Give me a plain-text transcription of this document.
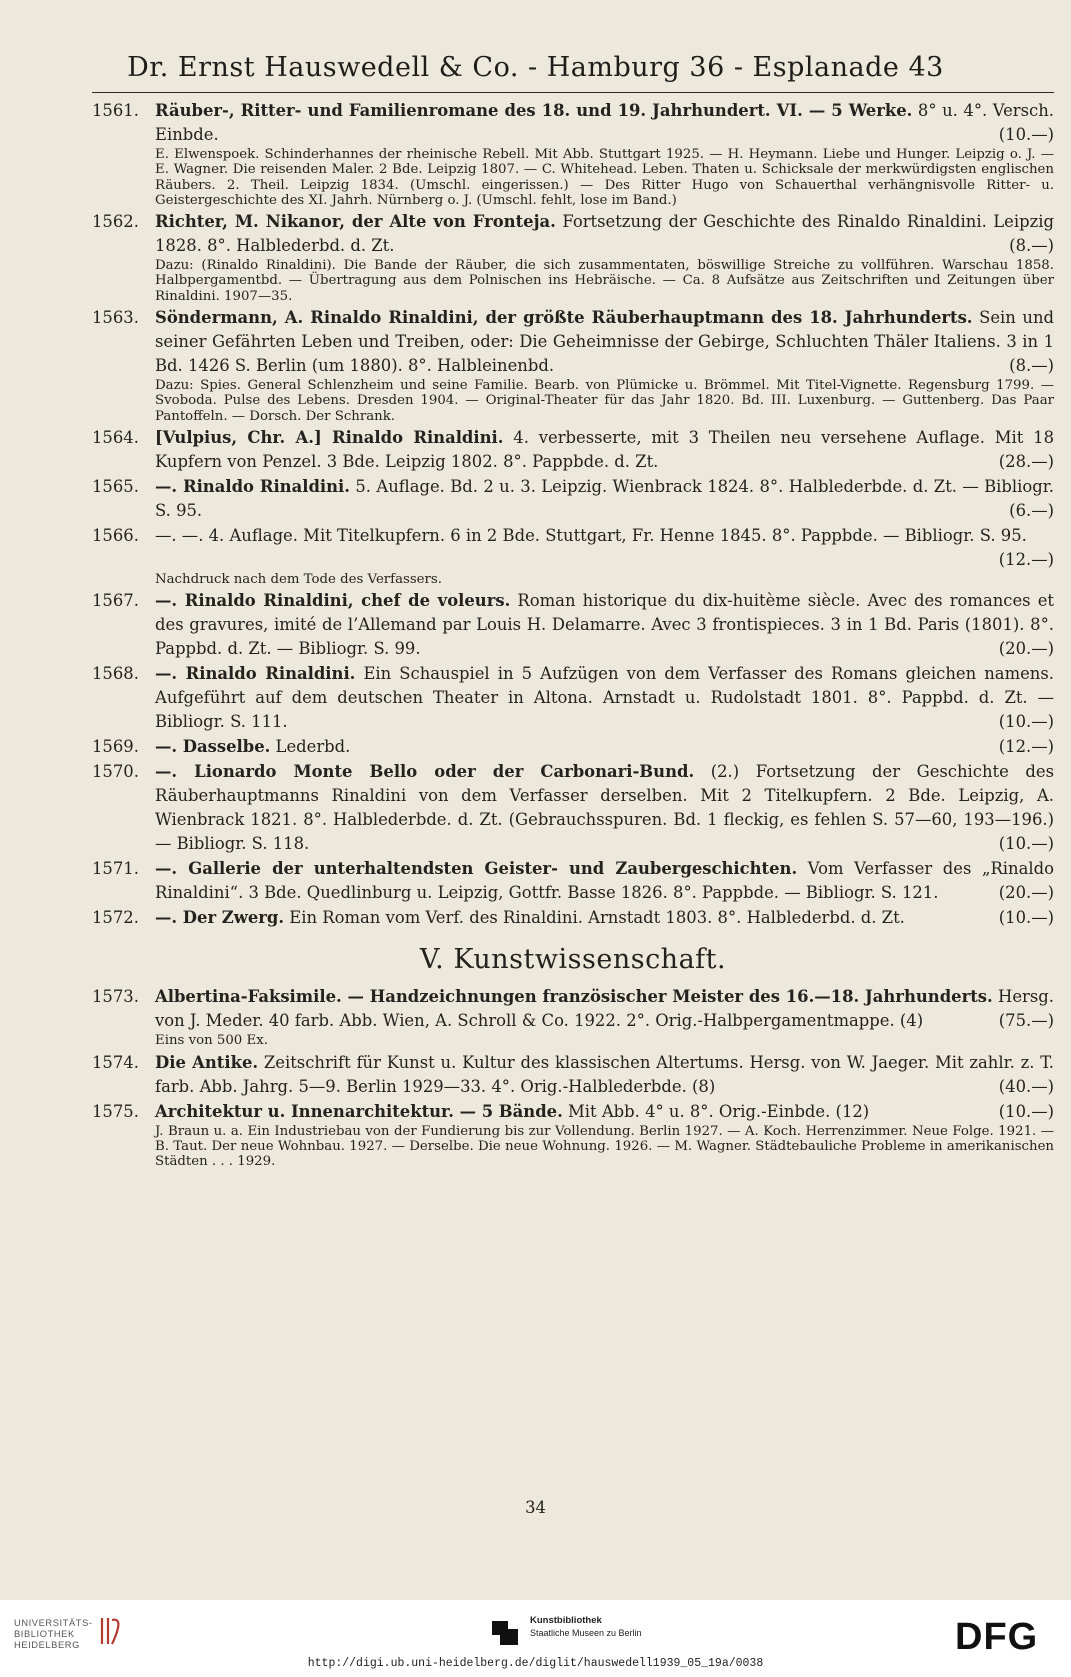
Dr. Ernst Hauswedell & Co. - Hamburg 36 - Esplanade 43
1561. Räuber-, Ritter- und Familienromane des 18. und 19. Jahrhundert. VI. — 5 Werke. 8° u. 4°. Versch. Einbde.	(10.—)
E. Elwenspoek. Schinderhannes der rheinische Rebell. Mit Abb. Stuttgart 1925. — H. Heymann. Liebe und Hunger. Leipzig o. J. — E. Wagner. Die reisenden Maler. 2 Bde. Leipzig 1807. — C. Whitehead. Leben. Thaten u. Schicksale der merkwürdigsten englischen Räubers. 2. Theil. Leipzig 1834. (Umschl. eingerissen.) — Des Ritter Hugo von Schauerthal verhängnisvolle Ritter- u. Geistergeschichte des XI. Jahrh. Nürnberg o. J. (Umschl. fehlt, lose im Band.)
1562. Richter, M. Nikanor, der Alte von Fronteja. Fortsetzung der Geschichte des Rinaldo Rinaldini. Leipzig 1828. 8°. Halblederbd. d. Zt.	(8.—)
Dazu: (Rinaldo Rinaldini). Die Bande der Räuber, die sich zusammentaten, böswillige Streiche zu vollführen. Warschau 1858. Halbpergamentbd. — Übertragung aus dem Polnischen ins Hebräische. — Ca. 8 Aufsätze aus Zeitschriften und Zeitungen über Rinaldini. 1907—35.
1563. Söndermann, A. Rinaldo Rinaldini, der größte Räuberhauptmann des 18. Jahrhunderts. Sein und seiner Gefährten Leben und Treiben, oder: Die Geheimnisse der Gebirge, Schluchten Thäler Italiens. 3 in 1 Bd. 1426 S. Berlin (um 1880). 8°. Halbleinenbd.	(8.—)
Dazu: Spies. General Schlenzheim und seine Familie. Bearb. von Plümicke u. Brömmel. Mit Titel-Vignette. Regensburg 1799. — Svoboda. Pulse des Lebens. Dresden 1904. — Original-Theater für das Jahr 1820. Bd. III. Luxenburg. — Guttenberg. Das Paar Pantoffeln. — Dorsch. Der Schrank.
1564. [Vulpius, Chr. A.] Rinaldo Rinaldini. 4. verbesserte, mit 3 Theilen neu versehene Auflage. Mit 18 Kupfern von Penzel. 3 Bde. Leipzig 1802. 8°. Pappbde. d. Zt.	(28.—)
1565. —. Rinaldo Rinaldini. 5. Auflage. Bd. 2 u. 3. Leipzig. Wienbrack 1824. 8°. Halblederbde. d. Zt. — Bibliogr. S. 95.	(6.—)
1566. —. —. 4. Auflage. Mit Titelkupfern. 6 in 2 Bde. Stuttgart, Fr. Henne 1845. 8°. Pappbde. — Bibliogr. S. 95.
(12.—)
Nachdruck nach dem Tode des Verfassers.
1567. —. Rinaldo Rinaldini, chef de voleurs. Roman historique du dix-huitème siècle. Avec des romances et des gravures, imité de l’Allemand par Louis H. Delamarre. Avec 3 frontispieces. 3 in 1 Bd. Paris (1801). 8°. Pappbd. d. Zt. — Bibliogr. S. 99.	(20.—)
1568. —. Rinaldo Rinaldini. Ein Schauspiel in 5 Aufzügen von dem Verfasser des Romans gleichen namens. Aufgeführt auf dem deutschen Theater in Altona. Arnstadt u. Rudolstadt 1801. 8°. Pappbd. d. Zt. — Bibliogr. S. 111.	(10.—)
1569. —. Dasselbe. Lederbd.	(12.—)
1570. —. Lionardo Monte Bello oder der Carbonari-Bund. (2.) Fortsetzung der Geschichte des Räuberhauptmanns Rinaldini von dem Verfasser derselben. Mit 2 Titelkupfern. 2 Bde. Leipzig, A. Wienbrack 1821. 8°. Halblederbde. d. Zt. (Gebrauchsspuren. Bd. 1 fleckig, es fehlen S. 57—60, 193—196.) — Bibliogr. S. 118.	(10.—)
1571. —. Gallerie der unterhaltendsten Geister- und Zaubergeschichten. Vom Verfasser des „Rinaldo Rinaldini“. 3 Bde. Quedlinburg u. Leipzig, Gottfr. Basse 1826. 8°. Pappbde. — Bibliogr. S. 121.	(20.—)
1572. —. Der Zwerg. Ein Roman vom Verf. des Rinaldini. Arnstadt 1803. 8°. Halblederbd. d. Zt.	(10.—)
V. Kunstwissenschaft.
1573. Albertina-Faksimile. — Handzeichnungen französischer Meister des 16.—18. Jahrhunderts. Hersg. von J. Meder. 40 farb. Abb. Wien, A. Schroll & Co. 1922. 2°. Orig.-Halbpergamentmappe. (4)	(75.—)
Eins von 500 Ex.
1574. Die Antike. Zeitschrift für Kunst u. Kultur des klassischen Altertums. Hersg. von W. Jaeger. Mit zahlr. z. T. farb. Abb. Jahrg. 5—9. Berlin 1929—33. 4°. Orig.-Halblederbde. (8)	(40.—)
1575. Architektur u. Innenarchitektur. — 5 Bände. Mit Abb. 4° u. 8°. Orig.-Einbde. (12)	(10.—)
J. Braun u. a. Ein Industriebau von der Fundierung bis zur Vollendung. Berlin 1927. — A. Koch. Herrenzimmer. Neue Folge. 1921. — B. Taut. Der neue Wohnbau. 1927. — Derselbe. Die neue Wohnung. 1926. — M. Wagner. Städtebauliche Probleme in amerikanischen Städten . . . 1929.
34
UNIVERSITÄTS-
BIBLIOTHEK
HEIDELBERG
Kunstbibliothek
Staatliche Museen zu Berlin	DFG
http://digi.ub.uni-heidelberg.de/diglit/hauswedell1939_05_19a/0038
